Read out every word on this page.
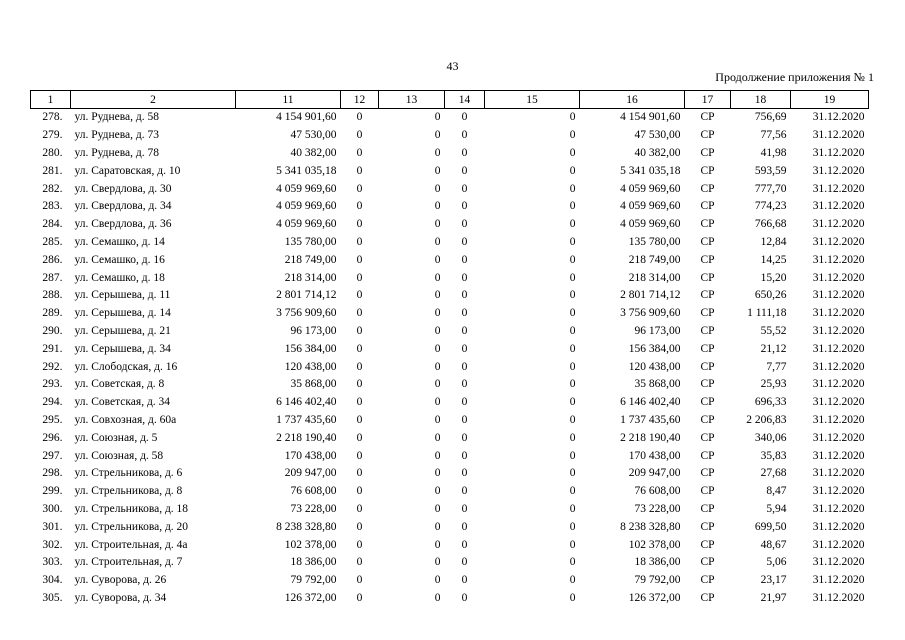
43
Продолжение приложения № 1
1	2	11	12	13	14	15	16	17	18	19
278.	ул. Руднева, д. 58	4 154 901,60	0	0	0	0	4 154 901,60	СР	756,69	31.12.2020
279.	ул. Руднева, д. 73	47 530,00	0	0	0	0	47 530,00	СР	77,56	31.12.2020
280.	ул. Руднева, д. 78	40 382,00	0	0	0	0	40 382,00	СР	41,98	31.12.2020
281.	ул. Саратовская, д. 10	5 341 035,18	0	0	0	0	5 341 035,18	СР	593,59	31.12.2020
282.	ул. Свердлова, д. 30	4 059 969,60	0	0	0	0	4 059 969,60	СР	777,70	31.12.2020
283.	ул. Свердлова, д. 34	4 059 969,60	0	0	0	0	4 059 969,60	СР	774,23	31.12.2020
284.	ул. Свердлова, д. 36	4 059 969,60	0	0	0	0	4 059 969,60	СР	766,68	31.12.2020
285.	ул. Семашко, д. 14	135 780,00	0	0	0	0	135 780,00	СР	12,84	31.12.2020
286.	ул. Семашко, д. 16	218 749,00	0	0	0	0	218 749,00	СР	14,25	31.12.2020
287.	ул. Семашко, д. 18	218 314,00	0	0	0	0	218 314,00	СР	15,20	31.12.2020
288.	ул. Серышева, д. 11	2 801 714,12	0	0	0	0	2 801 714,12	СР	650,26	31.12.2020
289.	ул. Серышева, д. 14	3 756 909,60	0	0	0	0	3 756 909,60	СР	1 111,18	31.12.2020
290.	ул. Серышева, д. 21	96 173,00	0	0	0	0	96 173,00	СР	55,52	31.12.2020
291.	ул. Серышева, д. 34	156 384,00	0	0	0	0	156 384,00	СР	21,12	31.12.2020
292.	ул. Слободская, д. 16	120 438,00	0	0	0	0	120 438,00	СР	7,77	31.12.2020
293.	ул. Советская, д. 8	35 868,00	0	0	0	0	35 868,00	СР	25,93	31.12.2020
294.	ул. Советская, д. 34	6 146 402,40	0	0	0	0	6 146 402,40	СР	696,33	31.12.2020
295.	ул. Совхозная, д. 60а	1 737 435,60	0	0	0	0	1 737 435,60	СР	2 206,83	31.12.2020
296.	ул. Союзная, д. 5	2 218 190,40	0	0	0	0	2 218 190,40	СР	340,06	31.12.2020
297.	ул. Союзная, д. 58	170 438,00	0	0	0	0	170 438,00	СР	35,83	31.12.2020
298.	ул. Стрельникова, д. 6	209 947,00	0	0	0	0	209 947,00	СР	27,68	31.12.2020
299.	ул. Стрельникова, д. 8	76 608,00	0	0	0	0	76 608,00	СР	8,47	31.12.2020
300.	ул. Стрельникова, д. 18	73 228,00	0	0	0	0	73 228,00	СР	5,94	31.12.2020
301.	ул. Стрельникова, д. 20	8 238 328,80	0	0	0	0	8 238 328,80	СР	699,50	31.12.2020
302.	ул. Строительная, д. 4а	102 378,00	0	0	0	0	102 378,00	СР	48,67	31.12.2020
303.	ул. Строительная, д. 7	18 386,00	0	0	0	0	18 386,00	СР	5,06	31.12.2020
304.	ул. Суворова, д. 26	79 792,00	0	0	0	0	79 792,00	СР	23,17	31.12.2020
305.	ул. Суворова, д. 34	126 372,00	0	0	0	0	126 372,00	СР	21,97	31.12.2020
